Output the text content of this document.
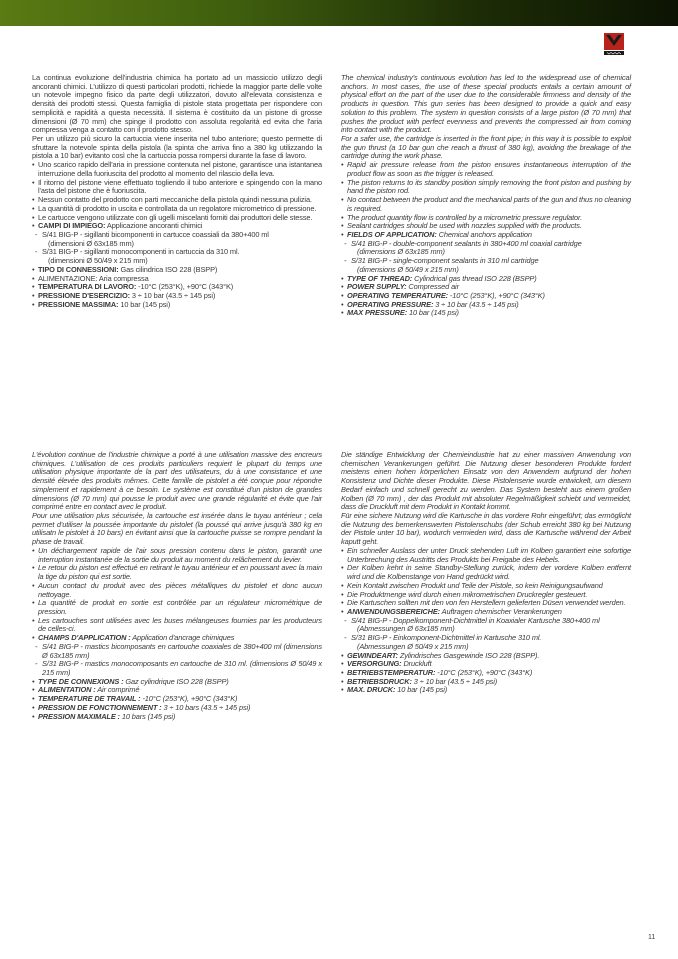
La continua evoluzione dell'industria chimica ha portato ad un massiccio utilizzo degli ancoranti chimici. L'utilizzo di questi particolari prodotti, richiede la maggior parte delle volte un notevole impegno fisico da parte degli utilizzatori, dovuto all'elevata consistenza e densità dei prodotti stessi. Questa famiglia di pistole stata progettata per rispondere con semplicità e rapidità a questa necessità. Il sistema è costituito da un pistone di grosse dimensioni (Ø 70 mm) che spinge il prodotto con assoluta regolarità ed evita che l'aria compressa venga a contatto con il prodotto stesso.

Per un utilizzo più sicuro la cartuccia viene inserita nel tubo anteriore; questo permette di sfruttare la notevole spinta della pistola (la spinta che arriva fino a 380 kg utilizzando la pistola a 10 bar) evitanto così che la cartuccia possa rompersi durante la fase di lavoro.

• Uno scarico rapido dell'aria in pressione contenuta nel pistone, garantisce una istantanea interruzione della fuoriuscita del prodotto al momento del rilascio della leva.
• Il ritorno del pistone viene effettuato togliendo il tubo anteriore e spingendo con la mano l'asta del pistone che è fuoriuscita.
• Nessun contatto del prodotto con parti meccaniche della pistola quindi nessuna pulizia.
• La quantità di prodotto in uscita e controllata da un regolatore micrometrico di pressione.
• Le cartucce vengono utilizzate con gli ugelli miscelanti forniti dai produttori delle stesse.
• CAMPI DI IMPIEGO: Applicazione ancoranti chimici
- S/41 BIG-P - sigillanti bicomponenti in cartucce coassiali da 380+400 ml
(dimensioni Ø 63x185 mm)
- S/31 BIG-P - sigillanti monocomponenti in cartuccia da 310 ml.
(dimensioni Ø 50/49 x 215 mm)
• TIPO DI CONNESSIONI: Gas cilindrica ISO 228 (BSPP)
• ALIMENTAZIONE: Aria compressa
• TEMPERATURA DI LAVORO: -10°C (253°K), +90°C (343°K)
• PRESSIONE D'ESERCIZIO: 3 ÷ 10 bar (43.5 ÷ 145 psi)
• PRESSIONE MASSIMA: 10 bar (145 psi)

The chemical industry's continuous evolution has led to the widespread use of chemical anchors. In most cases, the use of these special products entails a certain amount of physical effort on the part of the user due to the considerable firmness and density of the products in question. This gun series has been designed to provide a quick and easy solution to this problem. The system in question consists of a large piston (Ø 70 mm) that pushes the product with perfect evenness and prevents the compressed air from coming into contact with the product.

For a safer use, the cartridge is inserted in the front pipe; in this way it is possible to exploit the gun thrust (a 10 bar gun che reach a thrust of 380 kg), avoiding the breakage of the cartridge during the work phase.

• Rapid air pressure release from the piston ensures instantaneous interruption of the product flow as soon as the trigger is released.
• The piston returns to its standby position simply removing the front piston and pushing by hand the piston rod.
• No contact between the product and the mechanical parts of the gun and thus no cleaning is required.
• The product quantity flow is controlled by a micrometric pressure regulator.
• Sealant cartridges should be used with nozzles supplied with the products.
• FIELDS OF APPLICATION: Chemical anchors application
- S/41 BIG-P - double-component sealants in 380+400 ml coaxial cartridge
(dimensions Ø 63x185 mm)
- S/31 BIG-P - single-component sealants in 310 ml cartridge
(dimensions Ø 50/49 x 215 mm)
• TYPE OF THREAD: Cylindrical gas thread ISO 228 (BSPP)
• POWER SUPPLY: Compressed air
• OPERATING TEMPERATURE: -10°C (253°K), +90°C (343°K)
• OPERATING PRESSURE: 3 ÷ 10 bar (43.5 ÷ 145 psi)
• MAX PRESSURE: 10 bar (145 psi)

L'évolution continue de l'industrie chimique a porté à une utilisation massive des encreurs chimiques. L'utilisation de ces produits particuliers requiert le plupart du temps une utilisation physique importante de la part des utilisateurs, du à une consistance et une densité élevée des produits mêmes. Cette famille de pistolet a été conçue pour répondre simplement et rapidement à ce besoin. Le système est constitué d'un piston de grandes dimensions (Ø 70 mm) qui pousse le produit avec une grande régularité et évite que l'air comprimé entre en contact avec le produit.

Pour une utilisation plus sécurisée, la cartouche est insérée dans le tuyau antérieur ; cela permet d'utiliser la poussée importante du pistolet (la poussé qui arrive jusqu'à 380 kg en utilisatn le pistolet à 10 bars) en évitant ainsi que la cartouche puisse se rompre pendant la phase de travail.

• Un déchargement rapide de l'air sous pression contenu dans le piston, garantit une interruption instantanée de la sortie du produit au moment du relâchement du levier.
• Le retour du piston est effectué en retirant le tuyau antérieur et en poussant avec la main la tige du piston qui est sortie.
• Aucun contact du produit avec des pièces métalliques du pistolet et donc aucun nettoyage.
• La quantité de produit en sortie est contrôlée par un régulateur micrométrique de pression.
• Les cartouches sont utilisées avec les buses mélangeuses fournies par les producteurs de celles-ci.
• CHAMPS D'APPLICATION : Application d'ancrage chimiques
- S/41 BIG-P - mastics bicomposants en cartouche coaxiales de 380+400 ml (dimensions Ø 63x185 mm)
- S/31 BIG-P - mastics monocomposants en cartouche de 310 ml. (dimensions Ø 50/49 x 215 mm)
• TYPE DE CONNEXIONS : Gaz cylindrique ISO 228 (BSPP)
• ALIMENTATION : Air comprimé
• TEMPERATURE DE TRAVAIL : -10°C (253°K), +90°C (343°K)
• PRESSION DE FONCTIONNEMENT : 3 ÷ 10 bars (43.5 ÷ 145 psi)
• PRESSION MAXIMALE : 10 bars (145 psi)

Die ständige Entwicklung der Chemieindustrie hat zu einer massiven Anwendung von chemischen Verankerungen geführt. Die Nutzung dieser besonderen Produkte fordert meistens einen hohen körperlichen Einsatz von den Anwendern aufgrund der hohen Konsistenz und Dichte dieser Produkte. Diese Pistolenserie wurde entwickelt, um diesem Bedarf einfach und schnell gerecht zu werden. Das System besteht aus einem großen Kolben (Ø 70 mm) , der das Produkt mit absoluter Regelmäßigkeit schiebt und vermeidet, dass die Druckluft mit dem Produkt in Kontakt kommt.

Für eine sichere Nutzung wird die Kartusche in das vordere Rohr eingeführt; das ermöglicht die Nutzung des bemerkenswerten Pistolenschubs (der Schub erreicht 380 kg bei Nutzung der Pistole unter 10 bar), wodurch vermieden wird, dass die Kartusche während der Arbeit kaputt geht.

• Ein schneller Auslass der unter Druck stehenden Luft im Kolben garantiert eine sofortige Unterbrechung des Austritts des Produkts bei Freigabe des Hebels.
• Der Kolben kehrt in seine Standby-Stellung zurück, indem der vordere Kolben entfernt wird und die Kolbenstange von Hand gedrückt wird.
• Kein Kontakt zwischen Produkt und Teile der Pistole, so kein Reinigungsaufwand
• Die Produktmenge wird durch einen mikrometrischen Druckregler gesteuert.
• Die Kartuschen sollten mit den von fen Herstellern gelieferten Düsen verwendet werden.
• ANWENDUNGSBEREICHE: Auftragen chemischer Verankerungen
- S/41 BIG-P - Doppelkomponent-Dichtmittel in Koaxialer Kartusche 380+400 ml
(Abmessungen Ø 63x185 mm)
- S/31 BIG-P - Einkomponent-Dichtmittel in Kartusche 310 ml.
(Abmessungen Ø 50/49 x 215 mm)
• GEWINDEART: Zylindrisches Gasgewinde ISO 228 (BSPP).
• VERSORGUNG: Druckluft
• BETRIEBSTEMPERATUR: -10°C (253°K), +90°C (343°K)
• BETRIEBSDRUCK: 3 ÷ 10 bar (43.5 ÷ 145 psi)
• MAX. DRUCK: 10 bar (145 psi)
11
